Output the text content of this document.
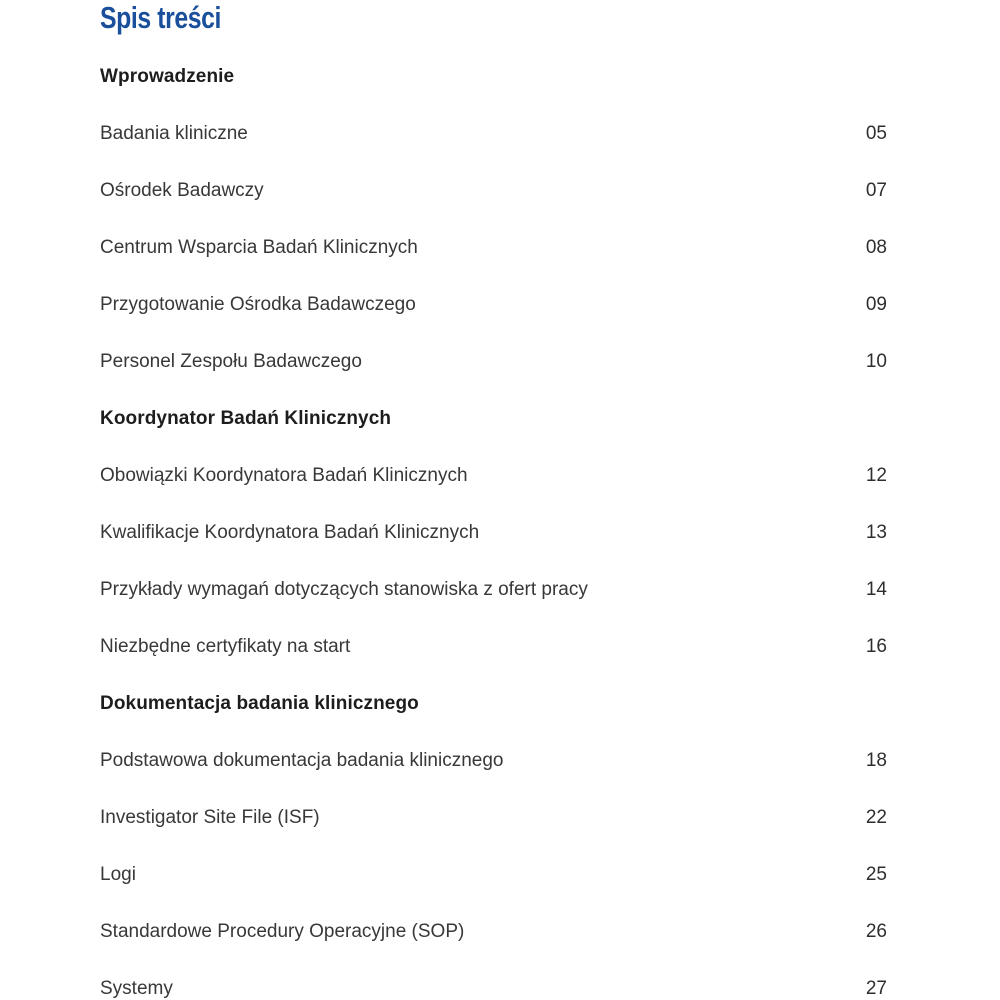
Spis treści
Wprowadzenie
Badania kliniczne	05
Ośrodek Badawczy	07
Centrum Wsparcia Badań Klinicznych	08
Przygotowanie Ośrodka Badawczego	09
Personel Zespołu Badawczego	10
Koordynator Badań Klinicznych
Obowiązki Koordynatora Badań Klinicznych	12
Kwalifikacje Koordynatora Badań Klinicznych	13
Przykłady wymagań dotyczących stanowiska z ofert pracy	14
Niezbędne certyfikaty na start	16
Dokumentacja badania klinicznego
Podstawowa dokumentacja badania klinicznego	18
Investigator Site File (ISF)	22
Logi	25
Standardowe Procedury Operacyjne (SOP)	26
Systemy	27
